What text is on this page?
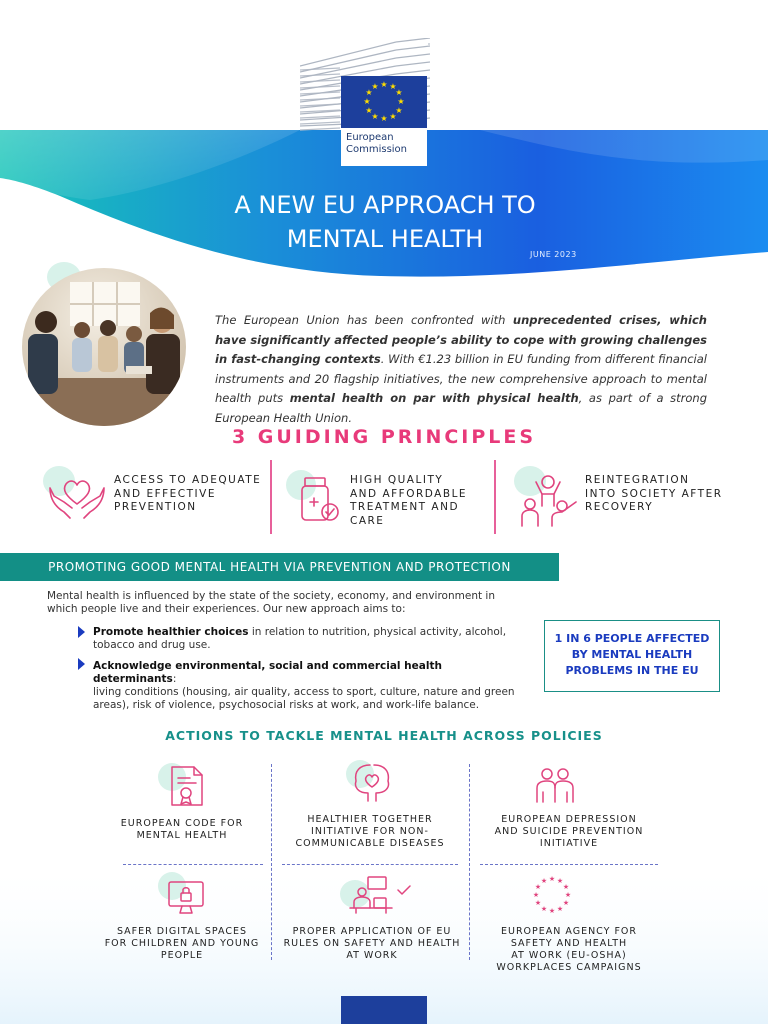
★ ★
★
★
★
★
★
★
★
★
★
★
European
Commission
A NEW EU APPROACH TO
MENTAL HEALTH
JUNE 2023
The European Union has been confronted with unprecedented crises, which have significantly affected people’s ability to cope with growing challenges in fast-changing contexts. With €1.23 billion in EU funding from different financial instruments and 20 flagship initiatives, the new comprehensive approach to mental health puts mental health on par with physical health, as part of a strong European Health Union.
3 GUIDING PRINCIPLES
ACCESS TO ADEQUATE
AND EFFECTIVE
PREVENTION
HIGH QUALITY
AND AFFORDABLE
TREATMENT AND
CARE
REINTEGRATION
INTO SOCIETY AFTER
RECOVERY
PROMOTING GOOD MENTAL HEALTH VIA PREVENTION AND PROTECTION
Mental health is influenced by the state of the society, economy, and environment in
which people live and their experiences. Our new approach aims to:
Promote healthier choices in relation to nutrition, physical activity, alcohol,
tobacco and drug use.
Acknowledge environmental, social and commercial health determinants:
living conditions (housing, air quality, access to sport, culture, nature and green
areas), risk of violence, psychosocial risks at work, and work-life balance.
1 IN 6 PEOPLE AFFECTED
BY MENTAL HEALTH
PROBLEMS IN THE EU
ACTIONS TO TACKLE MENTAL HEALTH ACROSS POLICIES
EUROPEAN CODE FOR
MENTAL HEALTH
HEALTHIER TOGETHER
INITIATIVE FOR NON-
COMMUNICABLE DISEASES
EUROPEAN DEPRESSION
AND SUICIDE PREVENTION
INITIATIVE
SAFER DIGITAL SPACES
FOR CHILDREN AND YOUNG
PEOPLE
PROPER APPLICATION OF EU
RULES ON SAFETY AND HEALTH
AT WORK
★ ★
★
★
★
★
★
★
★
★
★
★
EUROPEAN AGENCY FOR
SAFETY AND HEALTH
AT WORK (EU-OSHA)
WORKPLACES CAMPAIGNS
